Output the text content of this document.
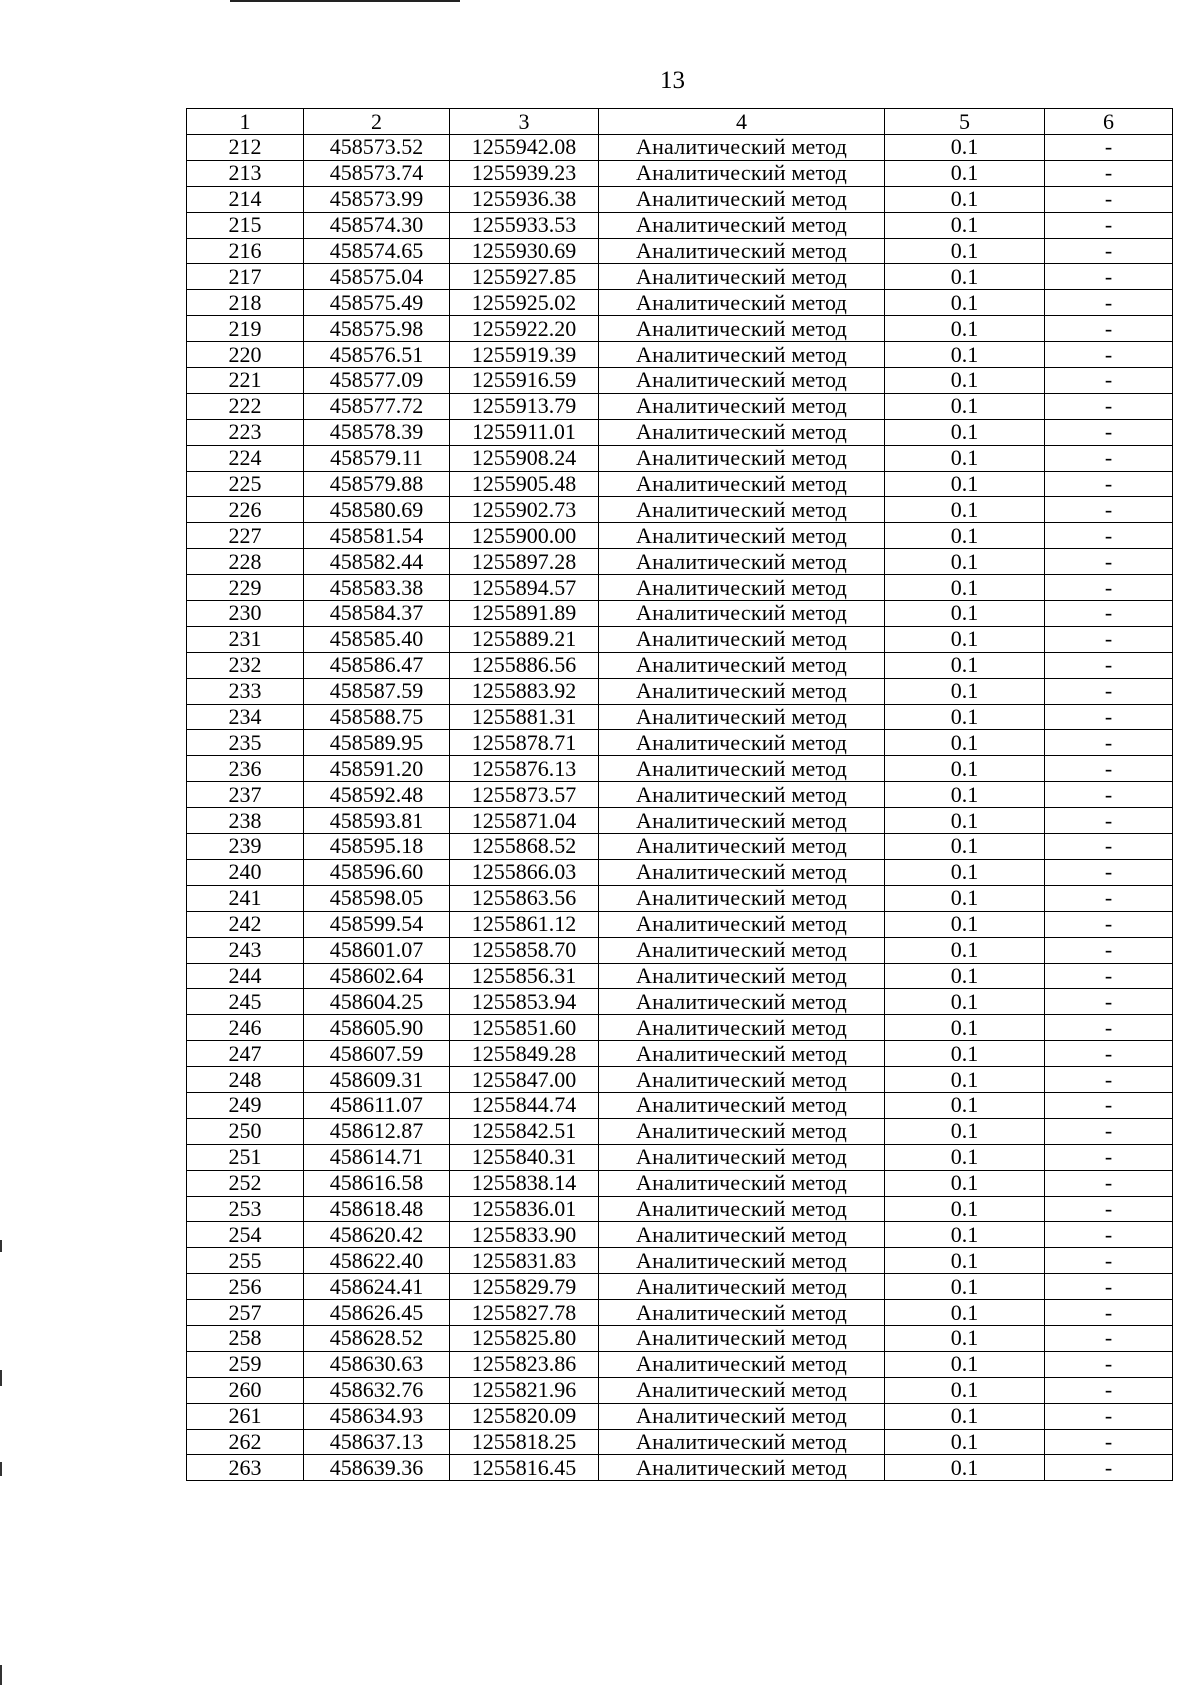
13
1	2	3	4	5	6
212	458573.52	1255942.08	Аналитический метод	0.1	-
213	458573.74	1255939.23	Аналитический метод	0.1	-
214	458573.99	1255936.38	Аналитический метод	0.1	-
215	458574.30	1255933.53	Аналитический метод	0.1	-
216	458574.65	1255930.69	Аналитический метод	0.1	-
217	458575.04	1255927.85	Аналитический метод	0.1	-
218	458575.49	1255925.02	Аналитический метод	0.1	-
219	458575.98	1255922.20	Аналитический метод	0.1	-
220	458576.51	1255919.39	Аналитический метод	0.1	-
221	458577.09	1255916.59	Аналитический метод	0.1	-
222	458577.72	1255913.79	Аналитический метод	0.1	-
223	458578.39	1255911.01	Аналитический метод	0.1	-
224	458579.11	1255908.24	Аналитический метод	0.1	-
225	458579.88	1255905.48	Аналитический метод	0.1	-
226	458580.69	1255902.73	Аналитический метод	0.1	-
227	458581.54	1255900.00	Аналитический метод	0.1	-
228	458582.44	1255897.28	Аналитический метод	0.1	-
229	458583.38	1255894.57	Аналитический метод	0.1	-
230	458584.37	1255891.89	Аналитический метод	0.1	-
231	458585.40	1255889.21	Аналитический метод	0.1	-
232	458586.47	1255886.56	Аналитический метод	0.1	-
233	458587.59	1255883.92	Аналитический метод	0.1	-
234	458588.75	1255881.31	Аналитический метод	0.1	-
235	458589.95	1255878.71	Аналитический метод	0.1	-
236	458591.20	1255876.13	Аналитический метод	0.1	-
237	458592.48	1255873.57	Аналитический метод	0.1	-
238	458593.81	1255871.04	Аналитический метод	0.1	-
239	458595.18	1255868.52	Аналитический метод	0.1	-
240	458596.60	1255866.03	Аналитический метод	0.1	-
241	458598.05	1255863.56	Аналитический метод	0.1	-
242	458599.54	1255861.12	Аналитический метод	0.1	-
243	458601.07	1255858.70	Аналитический метод	0.1	-
244	458602.64	1255856.31	Аналитический метод	0.1	-
245	458604.25	1255853.94	Аналитический метод	0.1	-
246	458605.90	1255851.60	Аналитический метод	0.1	-
247	458607.59	1255849.28	Аналитический метод	0.1	-
248	458609.31	1255847.00	Аналитический метод	0.1	-
249	458611.07	1255844.74	Аналитический метод	0.1	-
250	458612.87	1255842.51	Аналитический метод	0.1	-
251	458614.71	1255840.31	Аналитический метод	0.1	-
252	458616.58	1255838.14	Аналитический метод	0.1	-
253	458618.48	1255836.01	Аналитический метод	0.1	-
254	458620.42	1255833.90	Аналитический метод	0.1	-
255	458622.40	1255831.83	Аналитический метод	0.1	-
256	458624.41	1255829.79	Аналитический метод	0.1	-
257	458626.45	1255827.78	Аналитический метод	0.1	-
258	458628.52	1255825.80	Аналитический метод	0.1	-
259	458630.63	1255823.86	Аналитический метод	0.1	-
260	458632.76	1255821.96	Аналитический метод	0.1	-
261	458634.93	1255820.09	Аналитический метод	0.1	-
262	458637.13	1255818.25	Аналитический метод	0.1	-
263	458639.36	1255816.45	Аналитический метод	0.1	-
